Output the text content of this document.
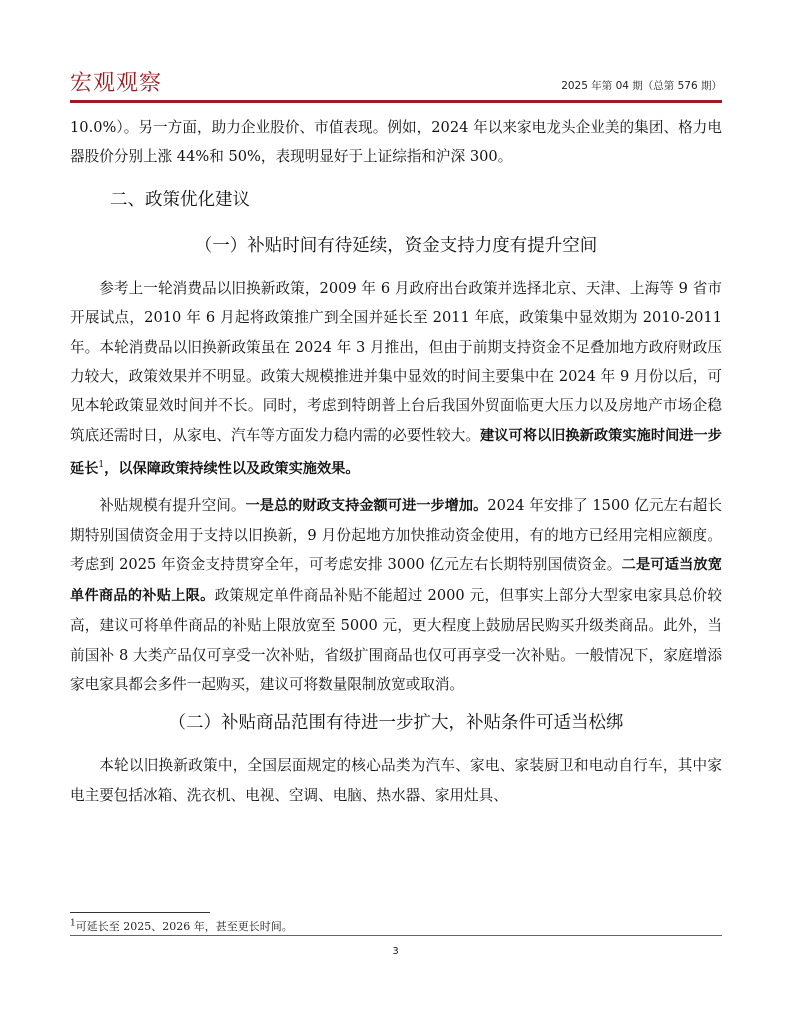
宏观观察	2025 年第 04 期（总第 576 期）

10.0%）。另一方面，助力企业股价、市值表现。例如，2024 年以来家电龙头企业美的集团、格力电器股价分别上涨 44%和 50%，表现明显好于上证综指和沪深 300。

二、政策优化建议
（一）补贴时间有待延续，资金支持力度有提升空间

参考上一轮消费品以旧换新政策，2009 年 6 月政府出台政策并选择北京、天津、上海等 9 省市开展试点，2010 年 6 月起将政策推广到全国并延长至 2011 年底，政策集中显效期为 2010-2011 年。本轮消费品以旧换新政策虽在 2024 年 3 月推出，但由于前期支持资金不足叠加地方政府财政压力较大，政策效果并不明显。政策大规模推进并集中显效的时间主要集中在 2024 年 9 月份以后，可见本轮政策显效时间并不长。同时，考虑到特朗普上台后我国外贸面临更大压力以及房地产市场企稳筑底还需时日，从家电、汽车等方面发力稳内需的必要性较大。建议可将以旧换新政策实施时间进一步延长$^1$，以保障政策持续性以及政策实施效果。

补贴规模有提升空间。一是总的财政支持金额可进一步增加。2024 年安排了 1500 亿元左右超长期特别国债资金用于支持以旧换新，9 月份起地方加快推动资金使用，有的地方已经用完相应额度。考虑到 2025 年资金支持贯穿全年，可考虑安排 3000 亿元左右长期特别国债资金。二是可适当放宽单件商品的补贴上限。政策规定单件商品补贴不能超过 2000 元，但事实上部分大型家电家具总价较高，建议可将单件商品的补贴上限放宽至 5000 元，更大程度上鼓励居民购买升级类商品。此外，当前国补 8 大类产品仅可享受一次补贴，省级扩围商品也仅可再享受一次补贴。一般情况下，家庭增添家电家具都会多件一起购买，建议可将数量限制放宽或取消。

（二）补贴商品范围有待进一步扩大，补贴条件可适当松绑

本轮以旧换新政策中，全国层面规定的核心品类为汽车、家电、家装厨卫和电动自行车，其中家电主要包括冰箱、洗衣机、电视、空调、电脑、热水器、家用灶具、

$^1$可延长至 2025、2026 年，甚至更长时间。
3
